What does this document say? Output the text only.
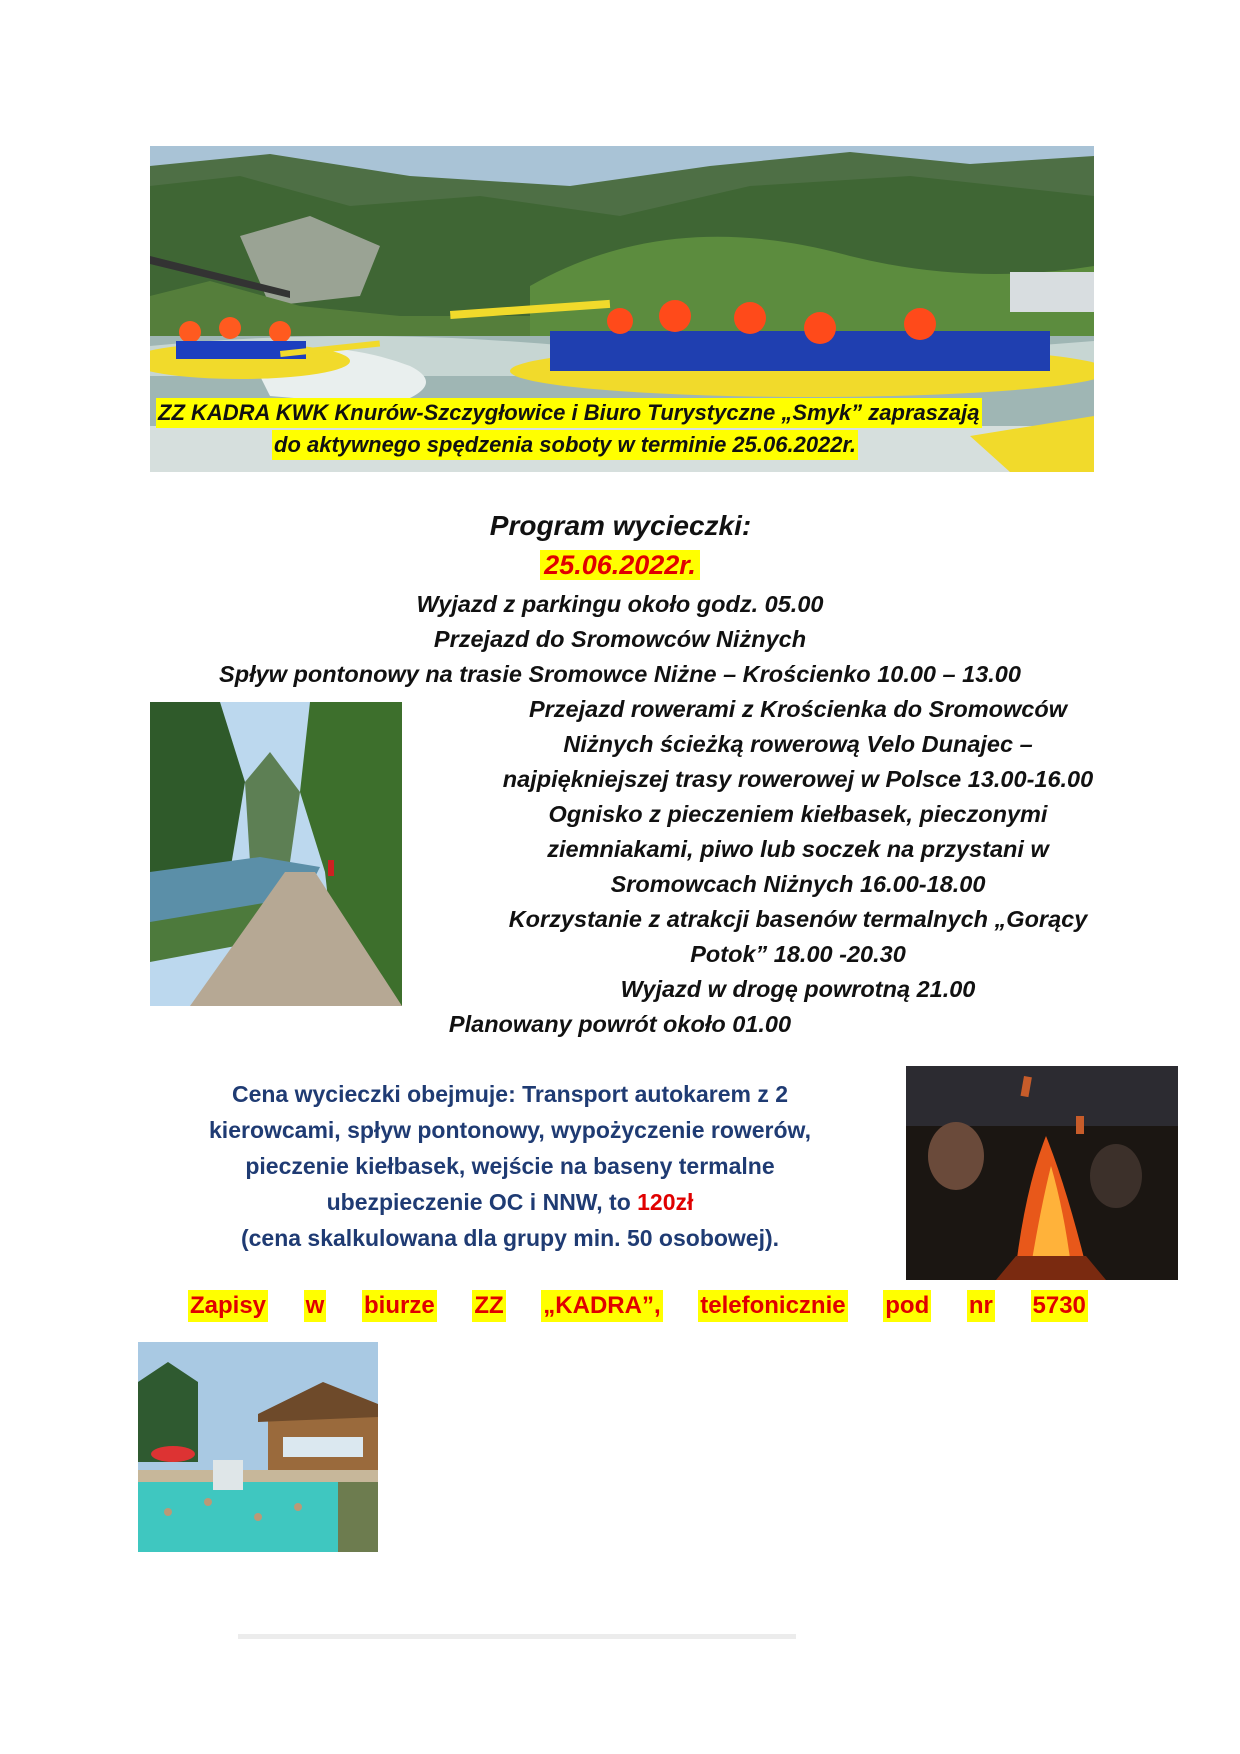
ZZ KADRA KWK Knurów-Szczygłowice i Biuro Turystyczne „Smyk” zapraszają
do aktywnego spędzenia soboty w terminie 25.06.2022r.
Program wycieczki:
25.06.2022r.
Wyjazd z parkingu około godz. 05.00
Przejazd do Sromowców Niżnych
Spływ pontonowy na trasie Sromowce Niżne – Krościenko 10.00 – 13.00
Przejazd rowerami z Krościenka do Sromowców
Niżnych ścieżką rowerową Velo Dunajec –
najpiękniejszej trasy rowerowej w Polsce 13.00-16.00
Ognisko z pieczeniem kiełbasek, pieczonymi
ziemniakami, piwo lub soczek na przystani w
Sromowcach Niżnych 16.00-18.00
Korzystanie z atrakcji basenów termalnych „Gorący
Potok” 18.00 -20.30
Wyjazd w drogę powrotną 21.00
Planowany powrót około 01.00
Cena wycieczki obejmuje: Transport autokarem z 2
kierowcami, spływ pontonowy, wypożyczenie rowerów,
pieczenie kiełbasek, wejście na baseny termalne
ubezpieczenie OC i NNW, to 120zł
(cena skalkulowana dla grupy min. 50 osobowej).
Zapisy w biurze ZZ „KADRA”, telefonicznie pod nr 5730
